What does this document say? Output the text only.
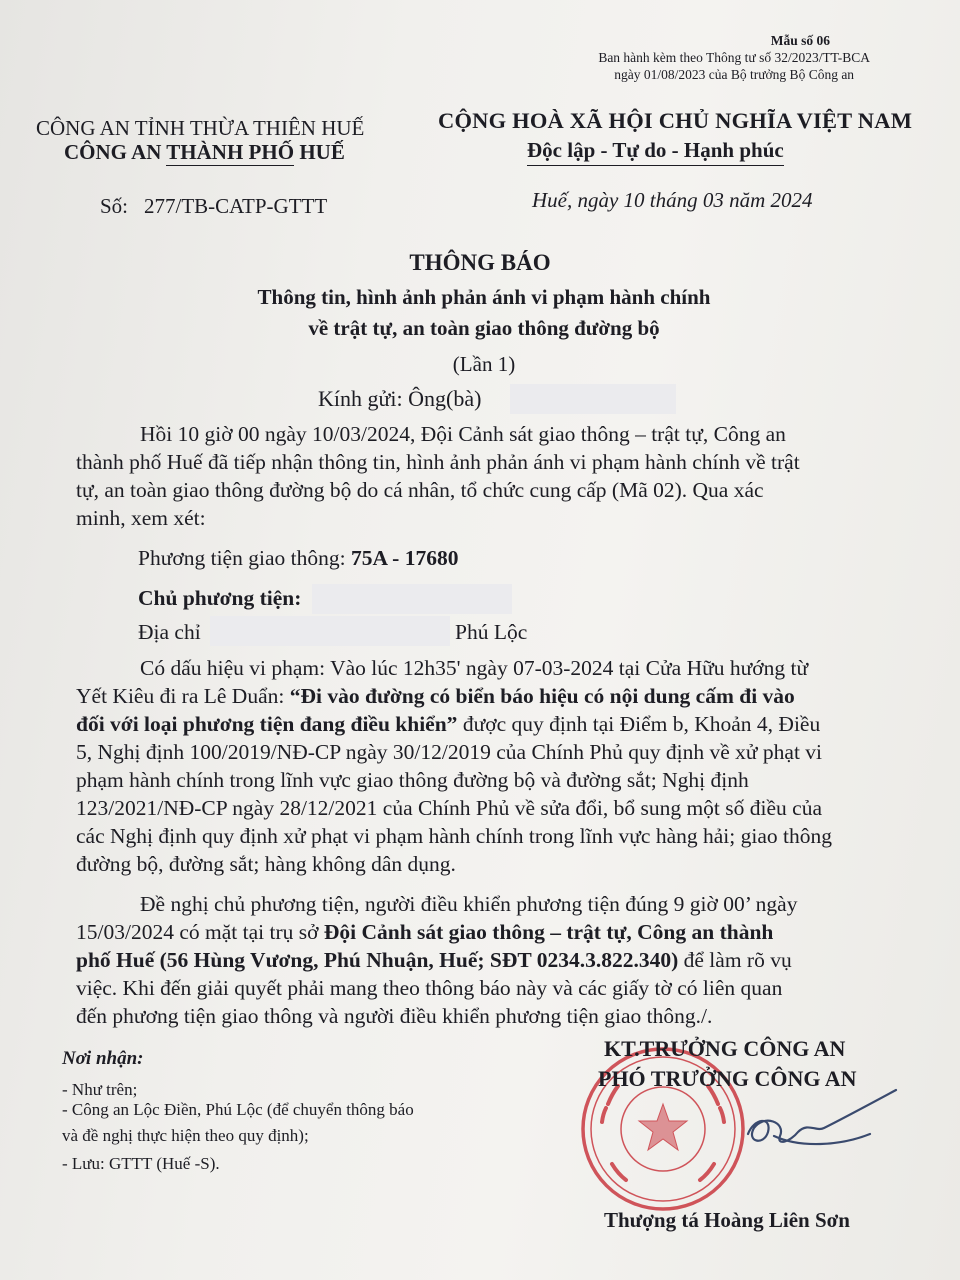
Mẫu số 06
Ban hành kèm theo Thông tư số 32/2023/TT-BCA
ngày 01/08/2023 của Bộ trưởng Bộ Công an
CÔNG AN TỈNH THỪA THIÊN HUẾ
CÔNG AN THÀNH PHỐ HUẾ
CỘNG HOÀ XÃ HỘI CHỦ NGHĨA VIỆT NAM
Độc lập - Tự do - Hạnh phúc
Số: 277/TB-CATP-GTTT	Huế, ngày 10 tháng 03 năm 2024
THÔNG BÁO
Thông tin, hình ảnh phản ánh vi phạm hành chính
về trật tự, an toàn giao thông đường bộ
(Lần 1)
Kính gửi: Ông(bà)
Hồi 10 giờ 00 ngày 10/03/2024, Đội Cảnh sát giao thông – trật tự, Công an
thành phố Huế đã tiếp nhận thông tin, hình ảnh phản ánh vi phạm hành chính về trật
tự, an toàn giao thông đường bộ do cá nhân, tổ chức cung cấp (Mã 02). Qua xác
minh, xem xét:
Phương tiện giao thông: 75A - 17680
Chủ phương tiện:
Địa chỉ	Phú Lộc
Có dấu hiệu vi phạm: Vào lúc 12h35' ngày 07-03-2024 tại Cửa Hữu hướng từ
Yết Kiêu đi ra Lê Duẩn: “Đi vào đường có biển báo hiệu có nội dung cấm đi vào
đối với loại phương tiện đang điều khiển” được quy định tại Điểm b, Khoản 4, Điều
5, Nghị định 100/2019/NĐ-CP ngày 30/12/2019 của Chính Phủ quy định về xử phạt vi
phạm hành chính trong lĩnh vực giao thông đường bộ và đường sắt; Nghị định
123/2021/NĐ-CP ngày 28/12/2021 của Chính Phủ về sửa đổi, bổ sung một số điều của
các Nghị định quy định xử phạt vi phạm hành chính trong lĩnh vực hàng hải; giao thông
đường bộ, đường sắt; hàng không dân dụng.
Đề nghị chủ phương tiện, người điều khiển phương tiện đúng 9 giờ 00’ ngày
15/03/2024 có mặt tại trụ sở Đội Cảnh sát giao thông – trật tự, Công an thành
phố Huế (56 Hùng Vương, Phú Nhuận, Huế; SĐT 0234.3.822.340) để làm rõ vụ
việc. Khi đến giải quyết phải mang theo thông báo này và các giấy tờ có liên quan
đến phương tiện giao thông và người điều khiển phương tiện giao thông./.
Nơi nhận:
- Như trên;
- Công an Lộc Điền, Phú Lộc (để chuyển thông báo
và đề nghị thực hiện theo quy định);
- Lưu: GTTT (Huế -S).
KT.TRƯỞNG CÔNG AN
PHÓ TRƯỞNG CÔNG AN
Thượng tá Hoàng Liên Sơn
